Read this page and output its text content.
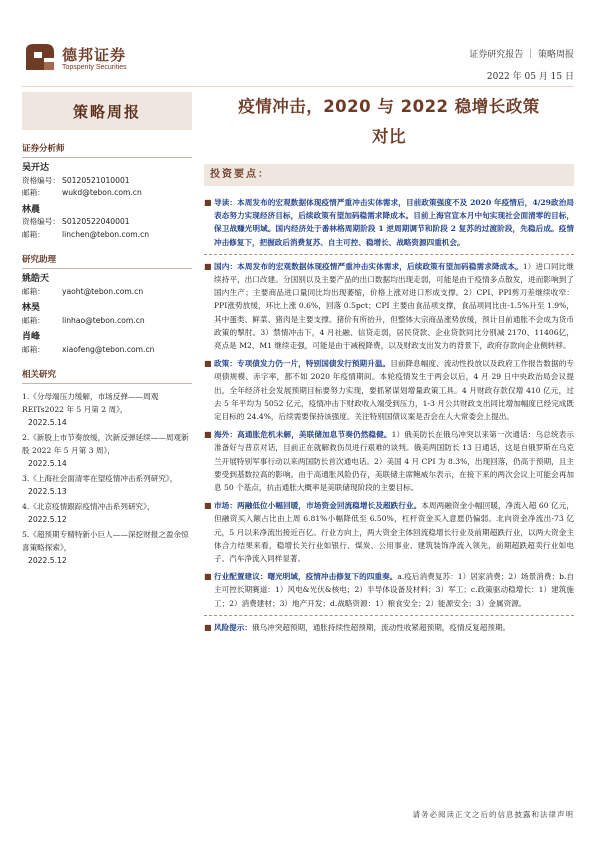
德邦证券
Topsperity Securities
证券研究报告 ｜ 策略周报
2022 年 05 月 15 日
策略周报
证券分析师
吴开达
资格编号： S0120521010001
邮箱： wukd@tebon.com.cn
林晨
资格编号： S0120522040001
邮箱： linchen@tebon.com.cn
研究助理
姚皓天
邮箱： yaoht@tebon.com.cn
林昊
邮箱： linhao@tebon.com.cn
肖峰
邮箱： xiaofeng@tebon.com.cn
相关研究
1.《分母端压力缓解，市场反弹——周观 REITs2022 年 5 月第 2 周》，
2022.5.14
2.《新股上市节奏放缓，次新反弹延续——周观新股 2022 年 5 月第 3 周》，
2022.5.14
3.《上海社会面清零在望疫情冲击系列研究》，
2022.5.13
4.《北京疫情跟踪疫情冲击系列研究》，
2022.5.12
5.《超预期专精特新小巨人——深挖财报之盈余惊喜策略探索》，
2022.5.12
疫情冲击，2020 与 2022 稳增长政策
对比
投资要点：
■ 导读：本周发布的宏观数据体现疫情严重冲击实体需求，目前政策强度不及 2020 年疫情后，4/29政治局表态努力实现经济目标，后续政策有望加码稳需求降成本。目前上海官宣本月中旬实现社会面清零的目标，保卫战赚光明域。国内经济处于番林格周期阶段 1 逆周期调节和阶段 2 复苏的过渡阶段，先稳后成。疫情冲击修复下，把握政后消费复苏、自主可控、稳增长、战略资源四重机会。
■ 国内：本周发布的宏观数据体现疫情严重冲击实体需求，后续政策有望加码稳需求降成本。1）进口同比继续持平，出口改建。分国别以及主要产品的出口数据均出现走弱，可能是由于疫情多点散发，进而影响到了国内生产；主要商品进口量同比均出现萎缩，价格上涨对进口形成支撑。2）CPI、PPI剪刀差继续收窄：PPI涨势放缓，环比上涨 0.6%，回落 0.5pct；CPI 主要由食品项支撑，食品项同比由-1.5%升至 1.9%，其中蛋类、鲜菜、猪肉是主要支撑。猪价有所抬升，但整体大宗商品涨势放缓，预计目前通胀不会成为货币政策的掣肘。3）禁情冲击下，4 月社融、信贷走弱，居民贷款、企业贷款同比分别减 2170、11406亿，亮点是 M2、M1 继续走强，可能是由于减税降费，以及财政支出发力的背景下，政府存款向企业侧转移。
■ 政策：专项债发力仍一片，特别国债发行预期升温。目前降息幅度、流动性投放以及政府工作报告数据的专项债规模、赤字率，都不如 2020 年疫情期间。本轮疫情发生于两会以后，4 月 29 日中央政治局会议提出，全年经济社会发展预期目标要努力实现，要抓紧谋划增量政策工具。4 月财政存款仅增 410 亿元，过去 5 年平均为 5052 亿元，疫情冲击下财政收入端受到压力，1-3 月公共财政支出同比增加幅度已经完成既定目标的 24.4%，后续需要保持该强度。关注特别国债议案是否会在人大常委会上提出。
■ 海外：高通胀危机未解，美联储加息节奏仍然稳健。1）俄美防长在俄乌冲突以来第一次通话：乌总统表示准备好与普京对话，目前正在就解救伤员进行艰难的谈判。俄美两国防长 13 日通话，这是自俄罗斯在乌克兰开展特别军事行动以来两国防长首次通电话。2）美国 4 月 CPI 为 8.3%，出现回落，仍高于预期，且主要受到基数拉高的影响。由于高通胀风险仍存，美联储主席鲍威尔表示，在接下来的两次会议上可能会再加息 50 个基点，抗击通胀大概率是美联储现阶段的主要目标。
■ 市场：两融低位小幅回暖，市场资金回流稳增长及超跌行业。本周两融资金小幅回暖，净流入超 60 亿元，但融资买入额占比由上周 6.81%小幅降低至 6.50%，杠杆资金买入意愿仍偏弱。北向资金净流出-73 亿元，5 月以来净流出接近百亿。行业方向上，两大资金主体回流稳增长行业及前期超跌行业，以两大资金主体合力结果来看，稳增长关行业如银行、煤炭、公用事业、建筑装饰净流入领先，前期超跌超卖行业如电子、汽车净流入同样显著。
■ 行业配置建议：曙光明域，疫情冲击修复下的四重奏。a.疫后消费复苏：1）居家消费；2）场景消费；b.自主可控长期赛道：1）风电&光伏&核电；2）半导体设备及材料；3）军工；c.政策驱动稳增长：1）建筑施工；2）消费建材；3）地产开发；d.战略资源：1）粮食安全；2）能源安全；3）金属资源。
■ 风险提示：俄乌冲突超预期，通胀持续性超预期，流动性收紧超预期，疫情反复超预期。
请务必阅读正文之后的信息披露和法律声明
